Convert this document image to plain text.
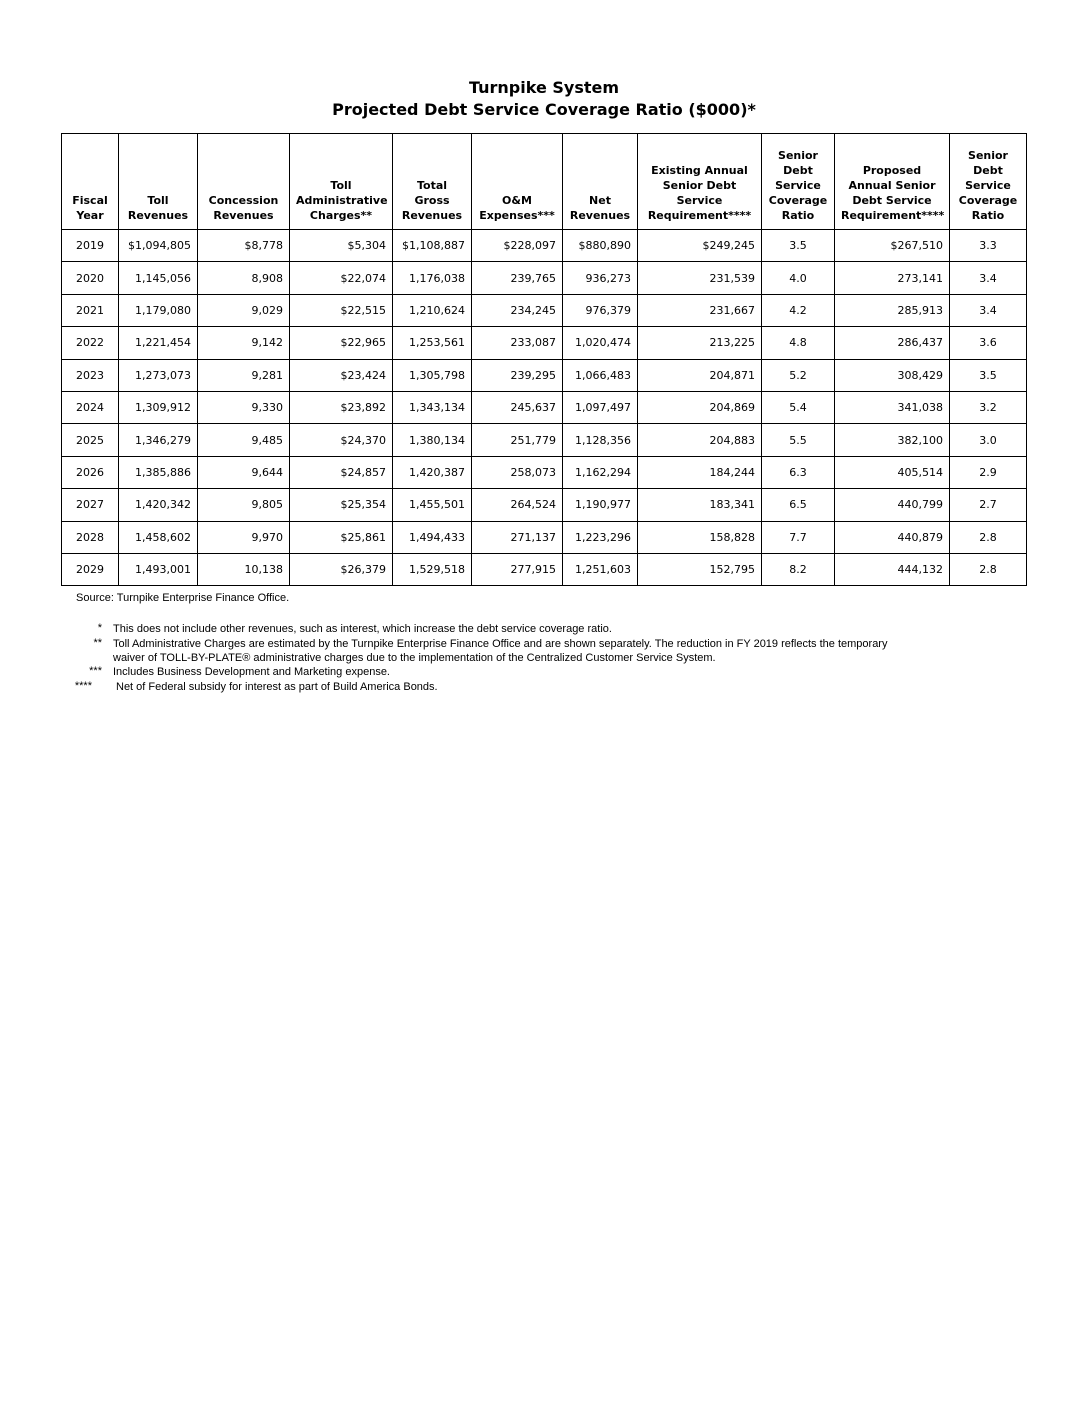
Turnpike System
Projected Debt Service Coverage Ratio ($000)*
Fiscal Year	Toll Revenues	Concession Revenues	Toll Administrative Charges**	Total Gross Revenues	O&M Expenses***	Net Revenues	Existing Annual Senior Debt Service Requirement****	Senior Debt Service Coverage Ratio	Proposed Annual Senior Debt Service Requirement****	Senior Debt Service Coverage Ratio
2019	$1,094,805	$8,778	$5,304	$1,108,887	$228,097	$880,890	$249,245	3.5	$267,510	3.3
2020	1,145,056	8,908	$22,074	1,176,038	239,765	936,273	231,539	4.0	273,141	3.4
2021	1,179,080	9,029	$22,515	1,210,624	234,245	976,379	231,667	4.2	285,913	3.4
2022	1,221,454	9,142	$22,965	1,253,561	233,087	1,020,474	213,225	4.8	286,437	3.6
2023	1,273,073	9,281	$23,424	1,305,798	239,295	1,066,483	204,871	5.2	308,429	3.5
2024	1,309,912	9,330	$23,892	1,343,134	245,637	1,097,497	204,869	5.4	341,038	3.2
2025	1,346,279	9,485	$24,370	1,380,134	251,779	1,128,356	204,883	5.5	382,100	3.0
2026	1,385,886	9,644	$24,857	1,420,387	258,073	1,162,294	184,244	6.3	405,514	2.9
2027	1,420,342	9,805	$25,354	1,455,501	264,524	1,190,977	183,341	6.5	440,799	2.7
2028	1,458,602	9,970	$25,861	1,494,433	271,137	1,223,296	158,828	7.7	440,879	2.8
2029	1,493,001	10,138	$26,379	1,529,518	277,915	1,251,603	152,795	8.2	444,132	2.8
Source: Turnpike Enterprise Finance Office.
* This does not include other revenues, such as interest, which increase the debt service coverage ratio.
** Toll Administrative Charges are estimated by the Turnpike Enterprise Finance Office and are shown separately. The reduction in FY 2019 reflects the temporary
waiver of TOLL-BY-PLATE® administrative charges due to the implementation of the Centralized Customer Service System.
*** Includes Business Development and Marketing expense.
**** Net of Federal subsidy for interest as part of Build America Bonds.
